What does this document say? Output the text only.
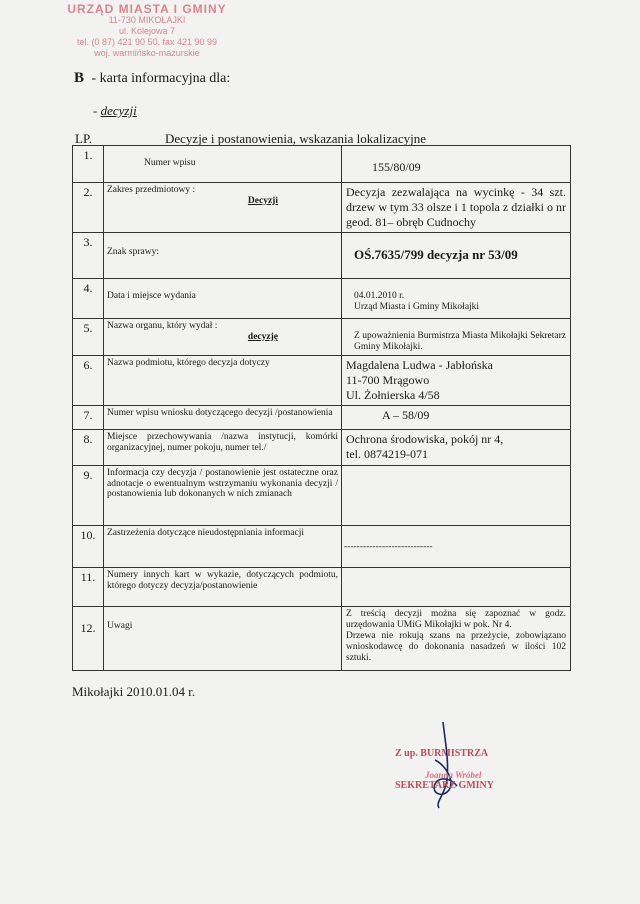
URZĄD MIASTA I GMINY
11-730 MIKOŁAJKI
ul. Kolejowa 7
tel. (0 87) 421 90 50, fax 421 90 99
woj. warmińsko-mazurskie
B - karta informacyjna dla:
- decyzji
LP.	Decyzje i postanowienia, wskazania lokalizacyjne
1.	Numer wpisu	155/80/09
2.	Zakres przedmiotowy :
Decyzji	Decyzja zezwalająca na wycinkę - 34 szt. drzew w tym 33 olsze i 1 topola z działki o nr geod. 81– obręb Cudnochy
3.	Znak sprawy:	OŚ.7635/799 decyzja nr 53/09
4.	Data i miejsce wydania	04.01.2010 r.
Urząd Miasta i Gminy Mikołajki

5.	Nazwa organu, który wydał :
decyzję	Z upoważnienia Burmistrza Miasta Mikołajki Sekretarz Gminy Mikołajki.
6.	Nazwa podmiotu, którego decyzja dotyczy	Magdalena Ludwa - Jabłońska
11-700 Mrągowo
Ul. Żołnierska 4/58

7.	Numer wpisu wniosku dotyczącego decyzji /postanowienia	A – 58/09
8.	Miejsce przechowywania /nazwa instytucji, komórki organizacyjnej, numer pokoju, numer tel./	Ochrona środowiska, pokój nr 4,
tel. 0874219-071

9.	Informacja czy decyzja / postanowienie jest ostateczne oraz adnotacje o ewentualnym wstrzymaniu wykonania decyzji / postanowienia lub dokonanych w nich zmianach	
10.	Zastrzeżenia dotyczące nieudostępniania informacji	----------------------------
11.	Numery innych kart w wykazie, dotyczących podmiotu, którego dotyczy decyzja/postanowienie	
12.	Uwagi	Z treścią decyzji można się zapoznać w godz. urzędowania UMiG Mikołajki w pok. Nr 4.
Drzewa nie rokują szans na przeżycie, zobowiązano wnioskodawcę do dokonania nasadzeń w ilości 102 sztuki.
Mikołajki 2010.01.04 r.
Z up. BURMISTRZA
Joanna Wróbel
SEKRETARZ GMINY
